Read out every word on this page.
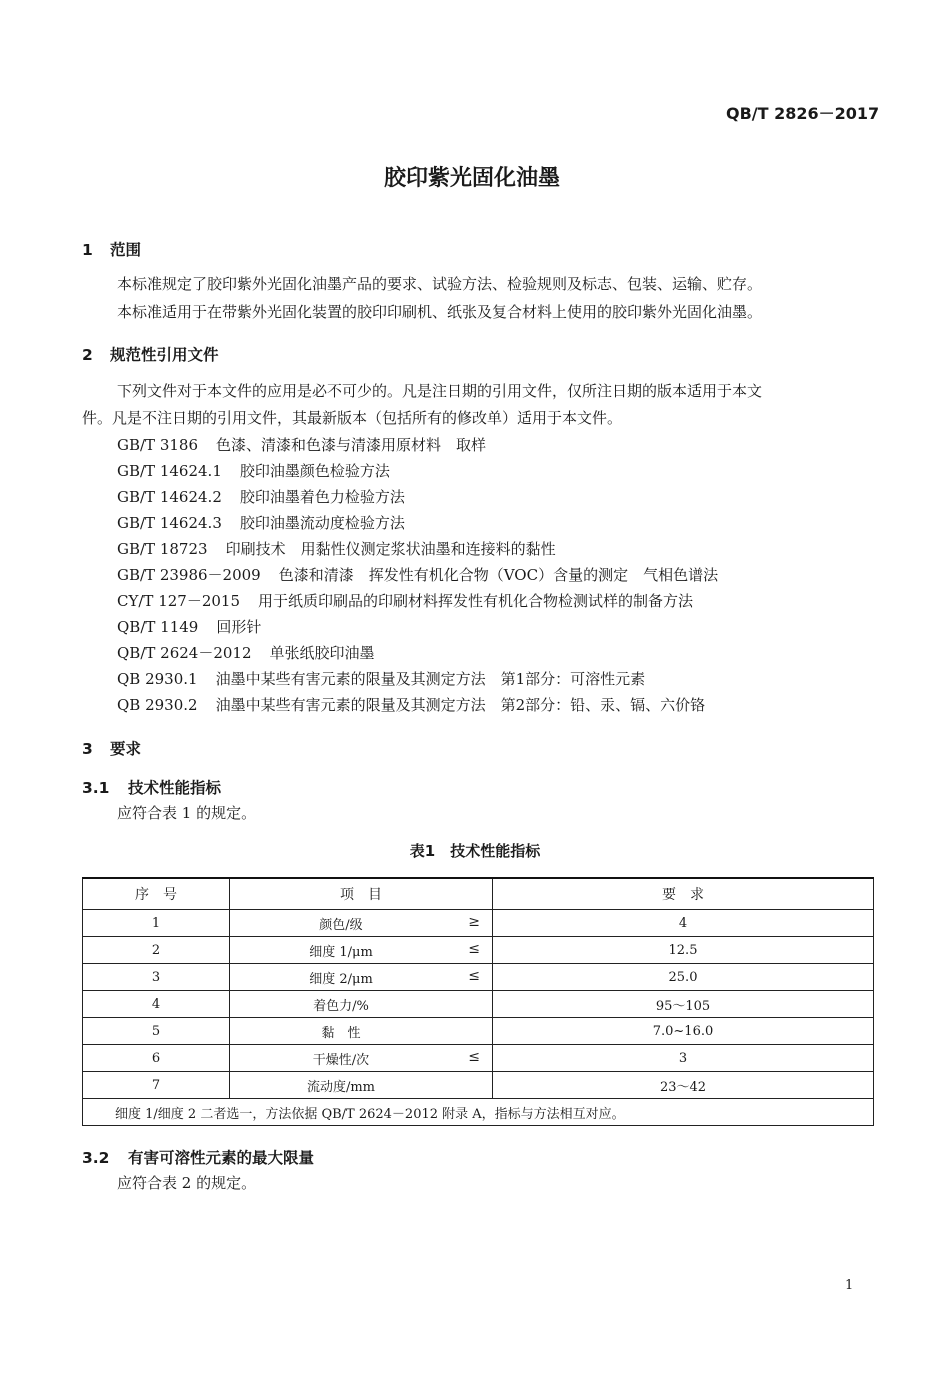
QB/T 2826－2017
胶印紫光固化油墨
1 范围
本标准规定了胶印紫外光固化油墨产品的要求、试验方法、检验规则及标志、包装、运输、贮存。
本标准适用于在带紫外光固化装置的胶印印刷机、纸张及复合材料上使用的胶印紫外光固化油墨。
2 规范性引用文件
下列文件对于本文件的应用是必不可少的。凡是注日期的引用文件，仅所注日期的版本适用于本文
件。凡是不注日期的引用文件，其最新版本（包括所有的修改单）适用于本文件。
GB/T 3186 色漆、清漆和色漆与清漆用原材料　取样
GB/T 14624.1 胶印油墨颜色检验方法
GB/T 14624.2 胶印油墨着色力检验方法
GB/T 14624.3 胶印油墨流动度检验方法
GB/T 18723 印刷技术　用黏性仪测定浆状油墨和连接料的黏性
GB/T 23986－2009 色漆和清漆　挥发性有机化合物（VOC）含量的测定　气相色谱法
CY/T 127－2015 用于纸质印刷品的印刷材料挥发性有机化合物检测试样的制备方法
QB/T 1149 回形针
QB/T 2624－2012 单张纸胶印油墨
QB 2930.1 油墨中某些有害元素的限量及其测定方法　第1部分：可溶性元素
QB 2930.2 油墨中某些有害元素的限量及其测定方法　第2部分：铅、汞、镉、六价铬
3 要求
3.1 技术性能指标
应符合表 1 的规定。
表1　技术性能指标
序　号	项　目	要　求
1	颜色/级 ≥	4
2	细度 1/μm ≤	12.5
3	细度 2/μm ≤	25.0
4	着色力/%	95～105
5	黏　性	7.0~16.0
6	干燥性/次 ≤	3
7	流动度/mm	23～42
细度 1/细度 2 二者选一，方法依据 QB/T 2624－2012 附录 A，指标与方法相互对应。		
3.2 有害可溶性元素的最大限量
应符合表 2 的规定。
1
